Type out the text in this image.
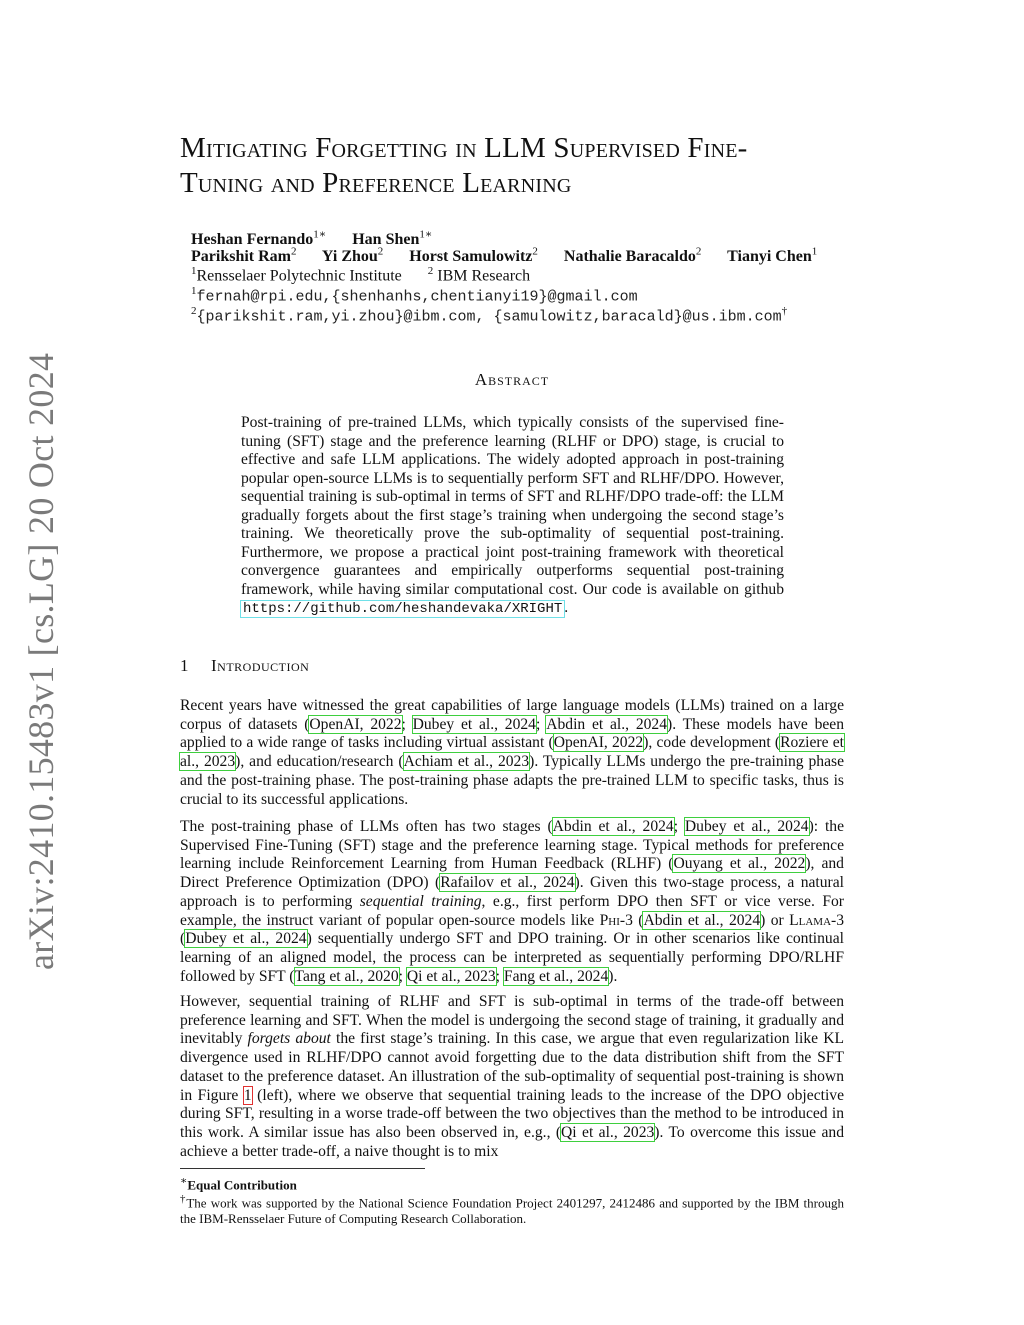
arXiv:2410.15483v1 [cs.LG] 20 Oct 2024
Mitigating Forgetting in LLM Supervised Fine-
Tuning and Preference Learning
Heshan Fernando$^{1∗}$ Han Shen$^{1∗}$
Parikshit Ram$^2$ Yi Zhou$^2$ Horst Samulowitz$^2$ Nathalie Baracaldo$^2$ Tianyi Chen$^1$
$^1$Rensselaer Polytechnic Institute $^2$ IBM Research
$^1$fernah@rpi.edu,{shenhanhs,chentianyi19}@gmail.com
$^2${parikshit.ram,yi.zhou}@ibm.com, {samulowitz,baracald}@us.ibm.com†
Abstract
Post-training of pre-trained LLMs, which typically consists of the supervised fine-tuning (SFT) stage and the preference learning (RLHF or DPO) stage, is crucial to effective and safe LLM applications. The widely adopted approach in post-training popular open-source LLMs is to sequentially perform SFT and RLHF/DPO. However, sequential training is sub-optimal in terms of SFT and RLHF/DPO trade-off: the LLM gradually forgets about the first stage’s training when undergoing the second stage’s training. We theoretically prove the sub-optimality of sequential post-training. Furthermore, we propose a practical joint post-training framework with theoretical convergence guarantees and empirically outperforms sequential post-training framework, while having similar computational cost. Our code is available on github https://github.com/heshandevaka/XRIGHT .
1 Introduction
Recent years have witnessed the great capabilities of large language models (LLMs) trained on a large corpus of datasets (OpenAI, 2022; Dubey et al., 2024; Abdin et al., 2024). These models have been applied to a wide range of tasks including virtual assistant (OpenAI, 2022), code development (Roziere et al., 2023), and education/research (Achiam et al., 2023). Typically LLMs undergo the pre-training phase and the post-training phase. The post-training phase adapts the pre-trained LLM to specific tasks, thus is crucial to its successful applications.
The post-training phase of LLMs often has two stages (Abdin et al., 2024; Dubey et al., 2024): the Supervised Fine-Tuning (SFT) stage and the preference learning stage. Typical methods for preference learning include Reinforcement Learning from Human Feedback (RLHF) (Ouyang et al., 2022), and Direct Preference Optimization (DPO) (Rafailov et al., 2024). Given this two-stage process, a natural approach is to performing sequential training, e.g., first perform DPO then SFT or vice verse. For example, the instruct variant of popular open-source models like Phi-3 (Abdin et al., 2024) or Llama-3 (Dubey et al., 2024) sequentially undergo SFT and DPO training. Or in other scenarios like continual learning of an aligned model, the process can be interpreted as sequentially performing DPO/RLHF followed by SFT (Tang et al., 2020; Qi et al., 2023; Fang et al., 2024).
However, sequential training of RLHF and SFT is sub-optimal in terms of the trade-off between preference learning and SFT. When the model is undergoing the second stage of training, it gradually and inevitably forgets about the first stage’s training. In this case, we argue that even regularization like KL divergence used in RLHF/DPO cannot avoid forgetting due to the data distribution shift from the SFT dataset to the preference dataset. An illustration of the sub-optimality of sequential post-training is shown in Figure 1 (left), where we observe that sequential training leads to the increase of the DPO objective during SFT, resulting in a worse trade-off between the two objectives than the method to be introduced in this work. A similar issue has also been observed in, e.g., (Qi et al., 2023). To overcome this issue and achieve a better trade-off, a naive thought is to mix
∗Equal Contribution
†The work was supported by the National Science Foundation Project 2401297, 2412486 and supported by the IBM through the IBM-Rensselaer Future of Computing Research Collaboration.
